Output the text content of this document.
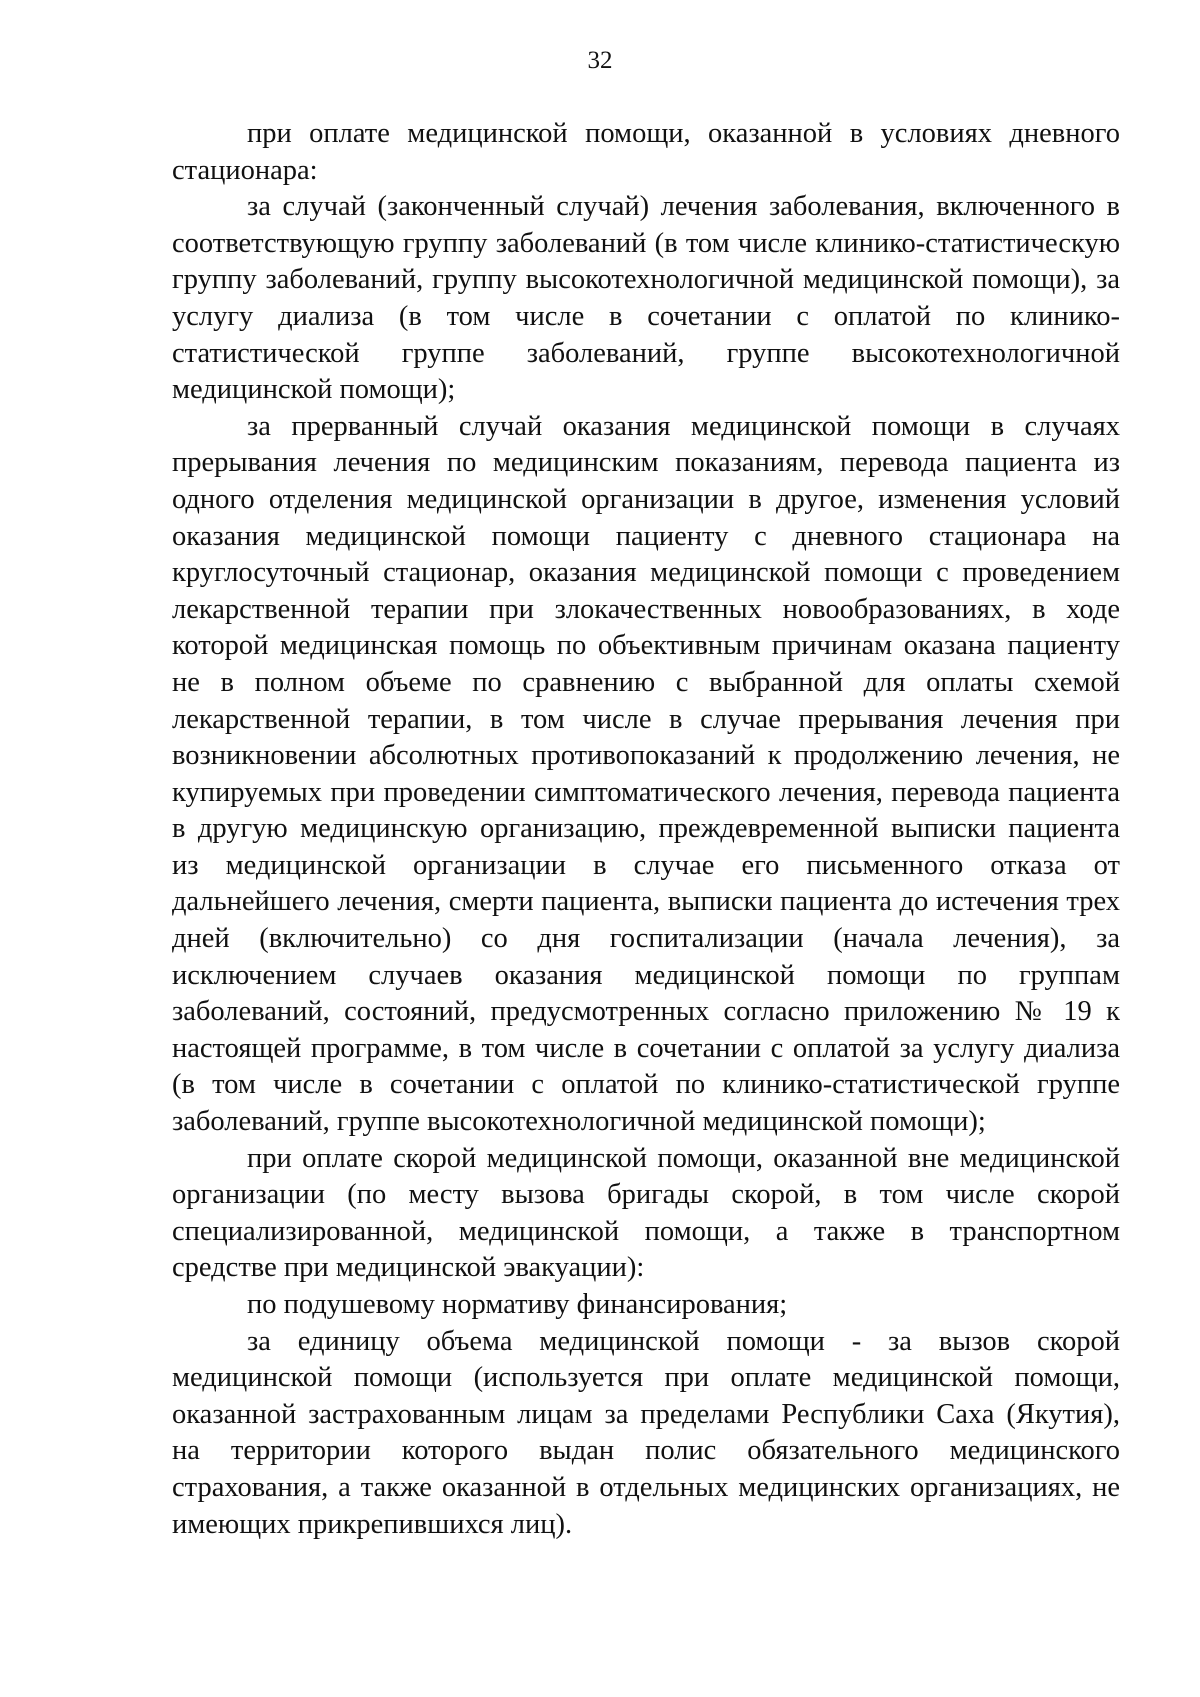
32

при оплате медицинской помощи, оказанной в условиях дневного стационара:

за случай (законченный случай) лечения заболевания, включенного в соответствующую группу заболеваний (в том числе клинико-статистическую группу заболеваний, группу высокотехнологичной медицинской помощи), за услугу диализа (в том числе в сочетании с оплатой по клинико-статистической группе заболеваний, группе высокотехнологичной медицинской помощи);

за прерванный случай оказания медицинской помощи в случаях прерывания лечения по медицинским показаниям, перевода пациента из одного отделения медицинской организации в другое, изменения условий оказания медицинской помощи пациенту с дневного стационара на круглосуточный стационар, оказания медицинской помощи с проведением лекарственной терапии при злокачественных новообразованиях, в ходе которой медицинская помощь по объективным причинам оказана пациенту не в полном объеме по сравнению с выбранной для оплаты схемой лекарственной терапии, в том числе в случае прерывания лечения при возникновении абсолютных противопоказаний к продолжению лечения, не купируемых при проведении симптоматического лечения, перевода пациента в другую медицинскую организацию, преждевременной выписки пациента из медицинской организации в случае его письменного отказа от дальнейшего лечения, смерти пациента, выписки пациента до истечения трех дней (включительно) со дня госпитализации (начала лечения), за исключением случаев оказания медицинской помощи по группам заболеваний, состояний, предусмотренных согласно приложению № 19 к настоящей программе, в том числе в сочетании с оплатой за услугу диализа (в том числе в сочетании с оплатой по клинико-статистической группе заболеваний, группе высокотехнологичной медицинской помощи);

при оплате скорой медицинской помощи, оказанной вне медицинской организации (по месту вызова бригады скорой, в том числе скорой специализированной, медицинской помощи, а также в транспортном средстве при медицинской эвакуации):

по подушевому нормативу финансирования;

за единицу объема медицинской помощи - за вызов скорой медицинской помощи (используется при оплате медицинской помощи, оказанной застрахованным лицам за пределами Республики Саха (Якутия), на территории которого выдан полис обязательного медицинского страхования, а также оказанной в отдельных медицинских организациях, не имеющих прикрепившихся лиц).
